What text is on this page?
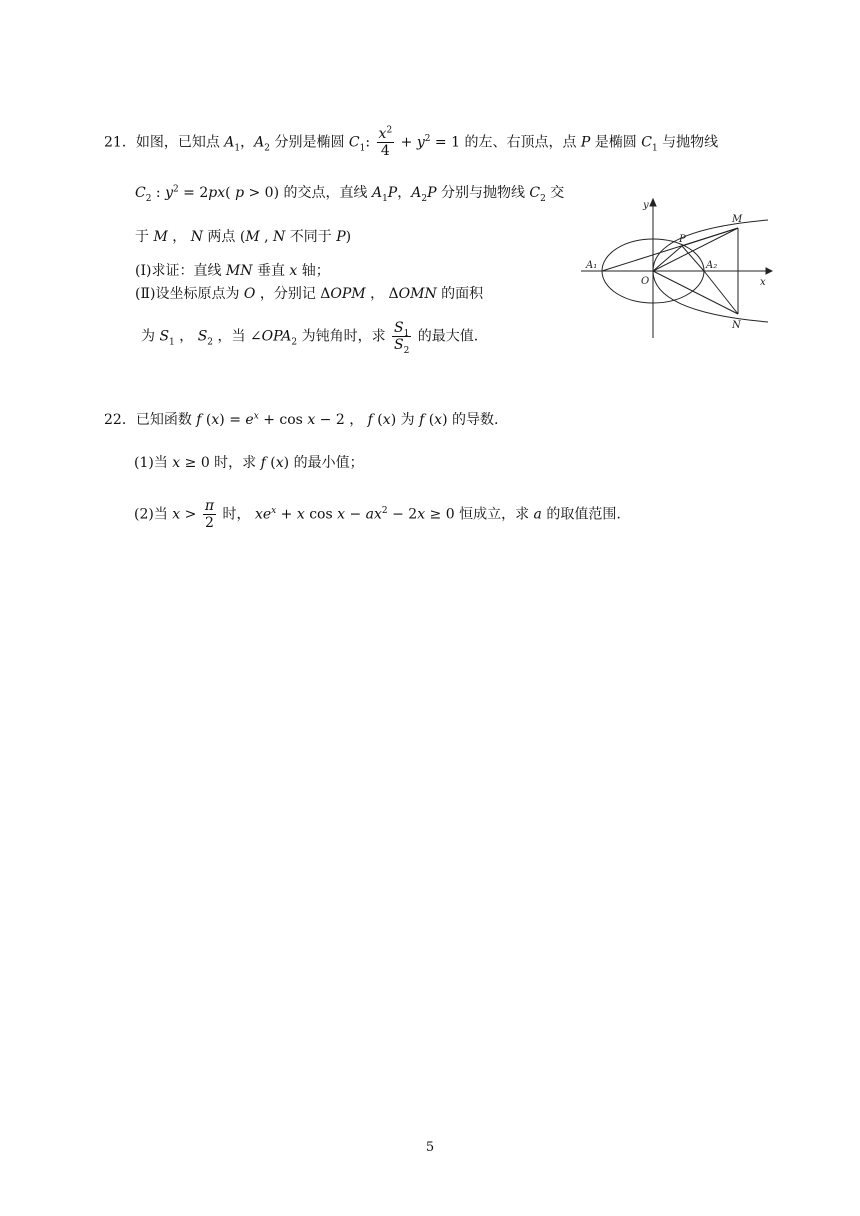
21．如图，已知点 $A_1$，$A_2$ 分别是椭圆 $C_1$: $\frac{x^2}{4} + y^2 = 1$ 的左、右顶点，点 P 是椭圆 $C_1$ 与抛物线
$C_2$ : $y^2 = 2px$( p > 0) 的交点，直线 $A_1P$，$A_2P$ 分别与抛物线 $C_2$ 交
于 M ， N 两点 (M , N 不同于 P)
(Ⅰ)求证：直线 MN 垂直 x 轴；
(Ⅱ)设坐标原点为 O ，分别记 ΔOPM ， ΔOMN 的面积
为 $S_1$ ， $S_2$ ，当 $\angle OPA_2$ 为钝角时，求 $\frac{S_1}{S_2}$ 的最大值.
y
x
O
A₁	A₂
P
M
N
22．已知函数 f $(x) = e^x + \cos x - 2$ ， f (x) 为 f (x) 的导数.
(1)当 x ≥ 0 时，求 f (x) 的最小值；
(2)当 $x > \frac{\pi}{2}$ 时， $xe^x + x$ $\cos x - ax^2 - 2x \ge 0$ 恒成立，求 a 的取值范围.
5
